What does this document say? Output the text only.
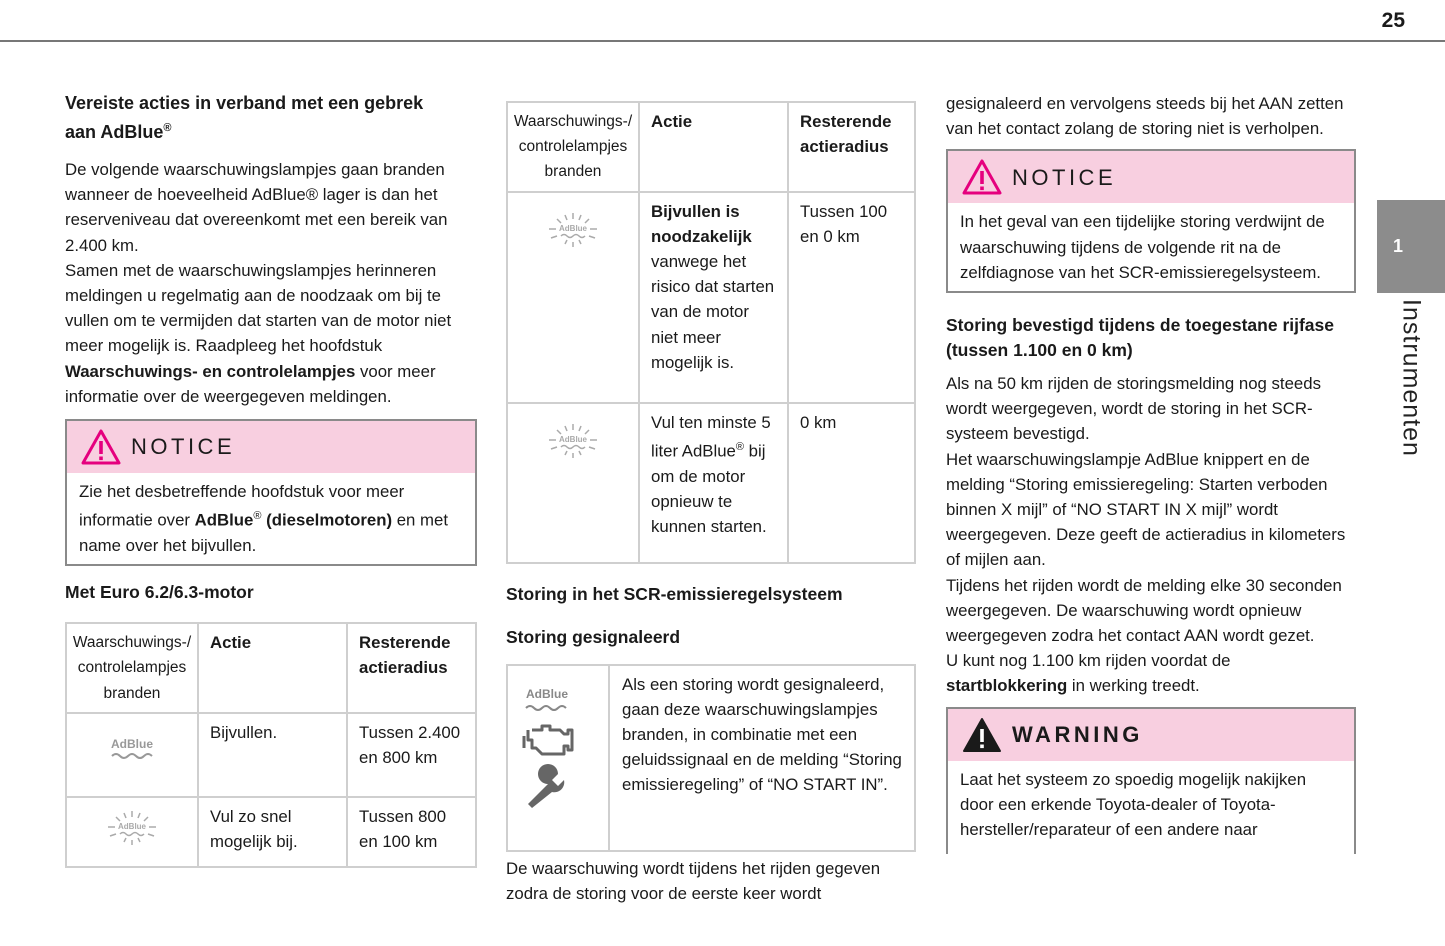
25
1
Instrumenten
Vereiste acties in verband met een gebrek
aan AdBlue®

De volgende waarschuwingslampjes gaan branden wanneer de hoeveelheid AdBlue® lager is dan het reserveniveau dat overeenkomt met een bereik van 2.400 km.

Samen met de waarschuwingslampjes herinneren meldingen u regelmatig aan de noodzaak om bij te vullen om te vermijden dat starten van de motor niet meer mogelijk is. Raadpleeg het hoofdstuk Waarschuwings- en controlelampjes voor meer informatie over de weergegeven meldingen.

NOTICE
Zie het desbetreffende hoofdstuk voor meer informatie over AdBlue® (dieselmotoren) en met name over het bijvullen.
Met Euro 6.2/6.3-motor
Waarschuwings-/ controlelampjes branden	Actie	Resterende actieradius

AdBlue	Bijvullen.	Tussen 2.400 en 800 km

AdBlue	Vul zo snel mogelijk bij.	Tussen 800 en 100 km
Waarschuwings-/ controlelampjes branden	Actie	Resterende actieradius

AdBlue	Bijvullen is noodzakelijk vanwege het risico dat starten van de motor niet meer mogelijk is.	Tussen 100 en 0 km

AdBlue	Vul ten minste 5 liter AdBlue® bij om de motor opnieuw te kunnen starten.	0 km
Storing in het SCR-emissieregelsysteem
Storing gesignaleerd
AdBlue	Als een storing wordt gesignaleerd, gaan deze waarschuwingslampjes branden, in combinatie met een geluidssignaal en de melding “Storing emissieregeling” of “NO START IN”.

De waarschuwing wordt tijdens het rijden gegeven zodra de storing voor de eerste keer wordt

gesignaleerd en vervolgens steeds bij het AAN zetten van het contact zolang de storing niet is verholpen.

NOTICE
In het geval van een tijdelijke storing verdwijnt de waarschuwing tijdens de volgende rit na de zelfdiagnose van het SCR-emissieregelsysteem.
Storing bevestigd tijdens de toegestane rijfase (tussen 1.100 en 0 km)

Als na 50 km rijden de storingsmelding nog steeds wordt weergegeven, wordt de storing in het SCR-systeem bevestigd.

Het waarschuwingslampje AdBlue knippert en de melding “Storing emissieregeling: Starten verboden binnen X mijl” of “NO START IN X mijl” wordt weergegeven. Deze geeft de actieradius in kilometers of mijlen aan.

Tijdens het rijden wordt de melding elke 30 seconden weergegeven. De waarschuwing wordt opnieuw weergegeven zodra het contact AAN wordt gezet.

U kunt nog 1.100 km rijden voordat de startblokkering in werking treedt.

WARNING
Laat het systeem zo spoedig mogelijk nakijken door een erkende Toyota-dealer of Toyota-hersteller/reparateur of een andere naar
